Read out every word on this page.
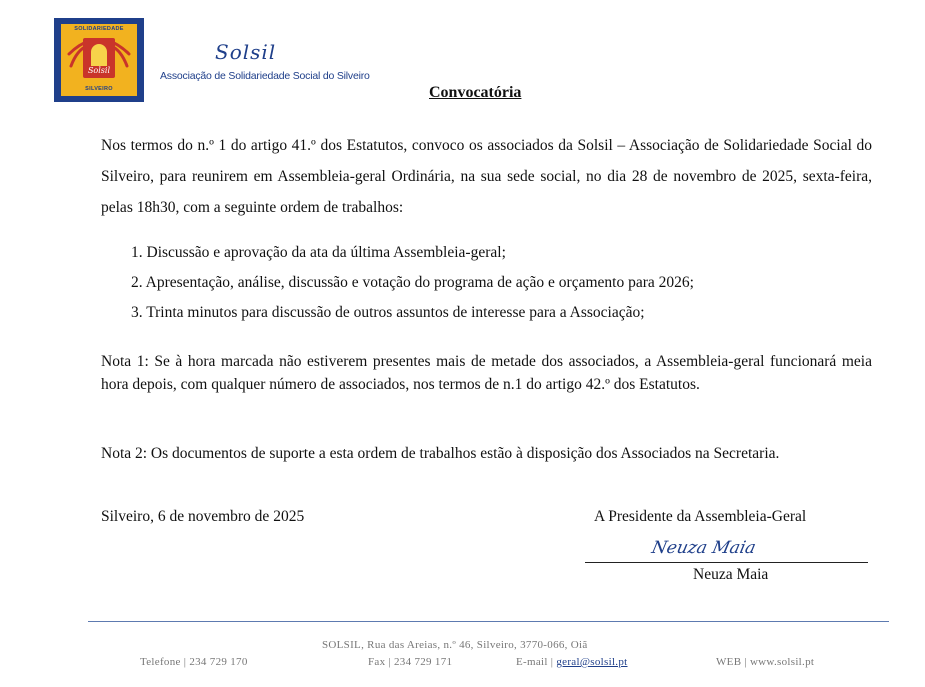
SOLIDARIEDADE
Solsil
SILVEIRO
Solsil
Associação de Solidariedade Social do Silveiro
Convocatória

Nos termos do n.º 1 do artigo 41.º dos Estatutos, convoco os associados da Solsil – Associação de Solidariedade Social do Silveiro, para reunirem em Assembleia-geral Ordinária, na sua sede social, no dia 28 de novembro de 2025, sexta-feira, pelas 18h30, com a seguinte ordem de trabalhos:

1. Discussão e aprovação da ata da última Assembleia-geral;
2. Apresentação, análise, discussão e votação do programa de ação e orçamento para 2026;
3. Trinta minutos para discussão de outros assuntos de interesse para a Associação;

Nota 1: Se à hora marcada não estiverem presentes mais de metade dos associados, a Assembleia-geral funcionará meia hora depois, com qualquer número de associados, nos termos de n.1 do artigo 42.º dos Estatutos.

Nota 2: Os documentos de suporte a esta ordem de trabalhos estão à disposição dos Associados na Secretaria.

Silveiro, 6 de novembro de 2025	A Presidente da Assembleia-Geral
Neuza Maia
Neuza Maia
SOLSIL, Rua das Areias, n.º 46, Silveiro, 3770-066, Oiã
Telefone | 234 729 170	Fax | 234 729 171	E-mail | geral@solsil.pt	WEB | www.solsil.pt
